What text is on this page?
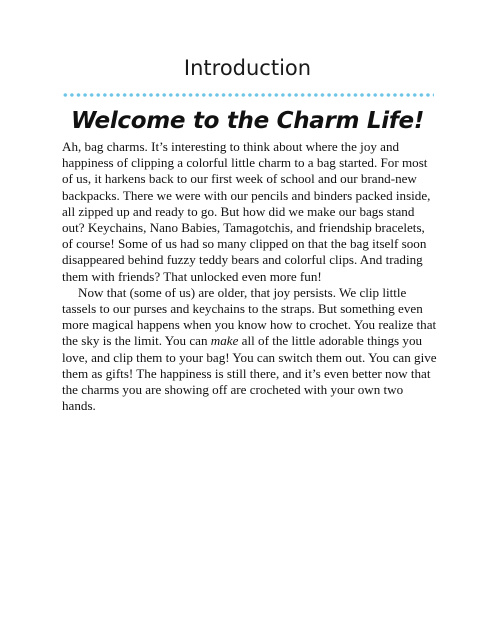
Introduction
Welcome to the Charm Life!

Ah, bag charms. It’s interesting to think about where the joy and happiness of clipping a colorful little charm to a bag started. For most of us, it harkens back to our first week of school and our brand-new backpacks. There we were with our pencils and binders packed inside, all zipped up and ready to go. But how did we make our bags stand out? Keychains, Nano Babies, Tamagotchis, and friendship bracelets, of course! Some of us had so many clipped on that the bag itself soon disappeared behind fuzzy teddy bears and colorful clips. And trading them with friends? That unlocked even more fun!

Now that (some of us) are older, that joy persists. We clip little tassels to our purses and keychains to the straps. But something even more magical happens when you know how to crochet. You realize that the sky is the limit. You can make all of the little adorable things you love, and clip them to your bag! You can switch them out. You can give them as gifts! The happiness is still there, and it’s even better now that the charms you are showing off are crocheted with your own two hands.
